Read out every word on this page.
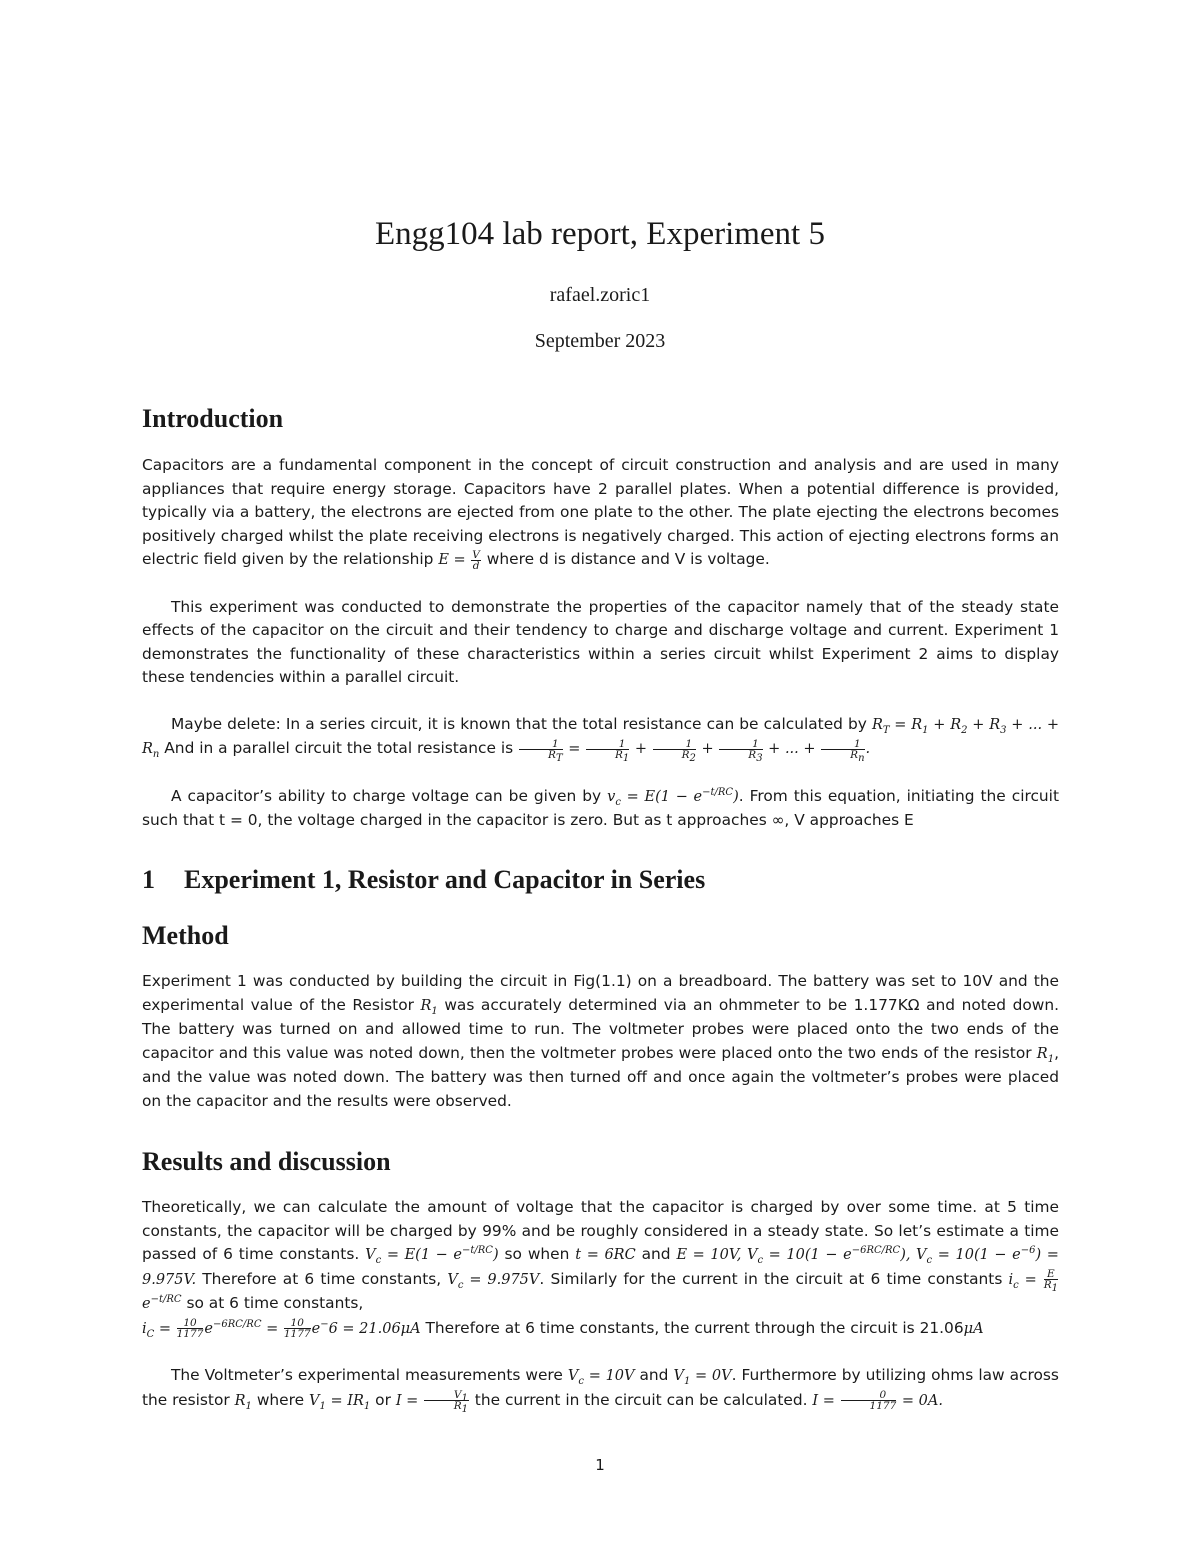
Engg104 lab report, Experiment 5
rafael.zoric1
September 2023
Introduction

Capacitors are a fundamental component in the concept of circuit construction and analysis and are used in many appliances that require energy storage. Capacitors have 2 parallel plates. When a potential difference is provided, typically via a battery, the electrons are ejected from one plate to the other. The plate ejecting the electrons becomes positively charged whilst the plate receiving electrons is negatively charged. This action of ejecting electrons forms an electric field given by the relationship $E = \frac{V}{d}$ where d is distance and V is voltage.

This experiment was conducted to demonstrate the properties of the capacitor namely that of the steady state effects of the capacitor on the circuit and their tendency to charge and discharge voltage and current. Experiment 1 demonstrates the functionality of these characteristics within a series circuit whilst Experiment 2 aims to display these tendencies within a parallel circuit.

Maybe delete: In a series circuit, it is known that the total resistance can be calculated by $R_T = R_1 + R_2 + R_3$ + ... + $R_n$ And in a parallel circuit the total resistance is $\frac{1}{R_T} = \frac{1}{R_1} + \frac{1}{R_2} + \frac{1}{R_3}$ + ... + $\frac{1}{R_n}$ .

A capacitor’s ability to charge voltage can be given by $v_c = E(1 - e^{-t/RC})$. From this equation, initiating the circuit such that t = 0, the voltage charged in the capacitor is zero. But as t approaches ∞, V approaches E

1 Experiment 1, Resistor and Capacitor in Series
Method

Experiment 1 was conducted by building the circuit in Fig(1.1) on a breadboard. The battery was set to 10V and the experimental value of the Resistor $R_1$ was accurately determined via an ohmmeter to be 1.177KΩ and noted down. The battery was turned on and allowed time to run. The voltmeter probes were placed onto the two ends of the capacitor and this value was noted down, then the voltmeter probes were placed onto the two ends of the resistor $R_1$, and the value was noted down. The battery was then turned off and once again the voltmeter’s probes were placed on the capacitor and the results were observed.

Results and discussion

Theoretically, we can calculate the amount of voltage that the capacitor is charged by over some time. at 5 time constants, the capacitor will be charged by 99% and be roughly considered in a steady state. So let’s estimate a time passed of 6 time constants. $V_c = E(1 - e^{-t/RC})$ so when t = 6RC and E = 10V, $V_c = 10(1 - e^{-6RC/RC})$, $V_c = 10(1 - e^{-6}) = 9.975V$. Therefore at 6 time constants, $V_c = 9.975V$. Similarly for the current in the circuit at 6 time constants $i_c = \frac{E}{R_1}$
$e^{-t/RC}$ so at 6 time constants,
$i_C = \frac{10}{1177} e^{-6RC/RC} = \frac{10}{1177} e^-6 = 21.06\mu A$ Therefore at 6 time constants, the current through the circuit is 21.06μA

The Voltmeter’s experimental measurements were $V_c = 10V$ and $V_1 = 0V$. Furthermore by utilizing ohms law across the resistor $R_1$ where $V_1 = IR_1$ or $I = \frac{V_1}{R_1}$ the current in the circuit can be calculated. $I = \frac{0}{1177} = 0A$.

1
